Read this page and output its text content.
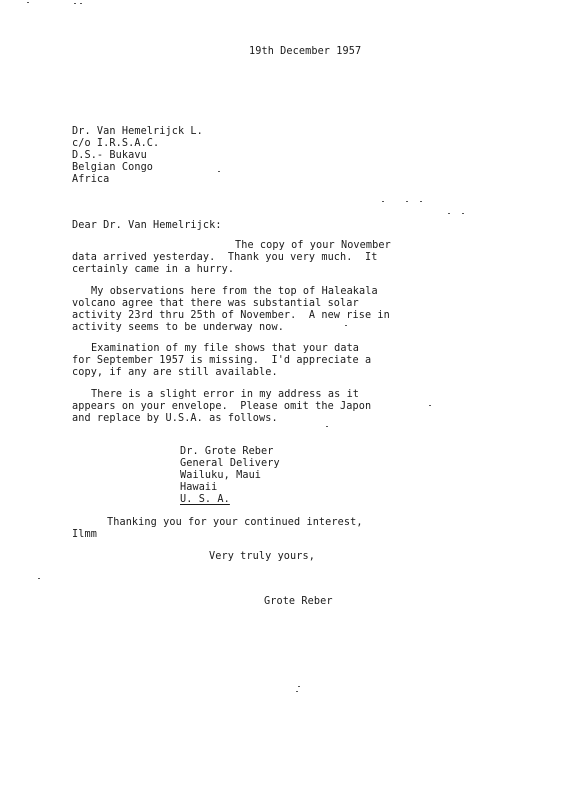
19th December 1957
Dr. Van Hemelrijck L.
c/o I.R.S.A.C.
D.S.- Bukavu
Belgian Congo
Africa
Dear Dr. Van Hemelrijck:
The copy of your November
data arrived yesterday.  Thank you very much.  It
certainly came in a hurry.
My observations here from the top of Haleakala
volcano agree that there was substantial solar
activity 23rd thru 25th of November.  A new rise in
activity seems to be underway now.
Examination of my file shows that your data
for September 1957 is missing.  I'd appreciate a
copy, if any are still available.
There is a slight error in my address as it
appears on your envelope.  Please omit the Japon
and replace by U.S.A. as follows.
Dr. Grote Reber
General Delivery
Wailuku, Maui
Hawaii
U. S. A.
Thanking you for your continued interest,
Ilmm
Very truly yours,
Grote Reber
